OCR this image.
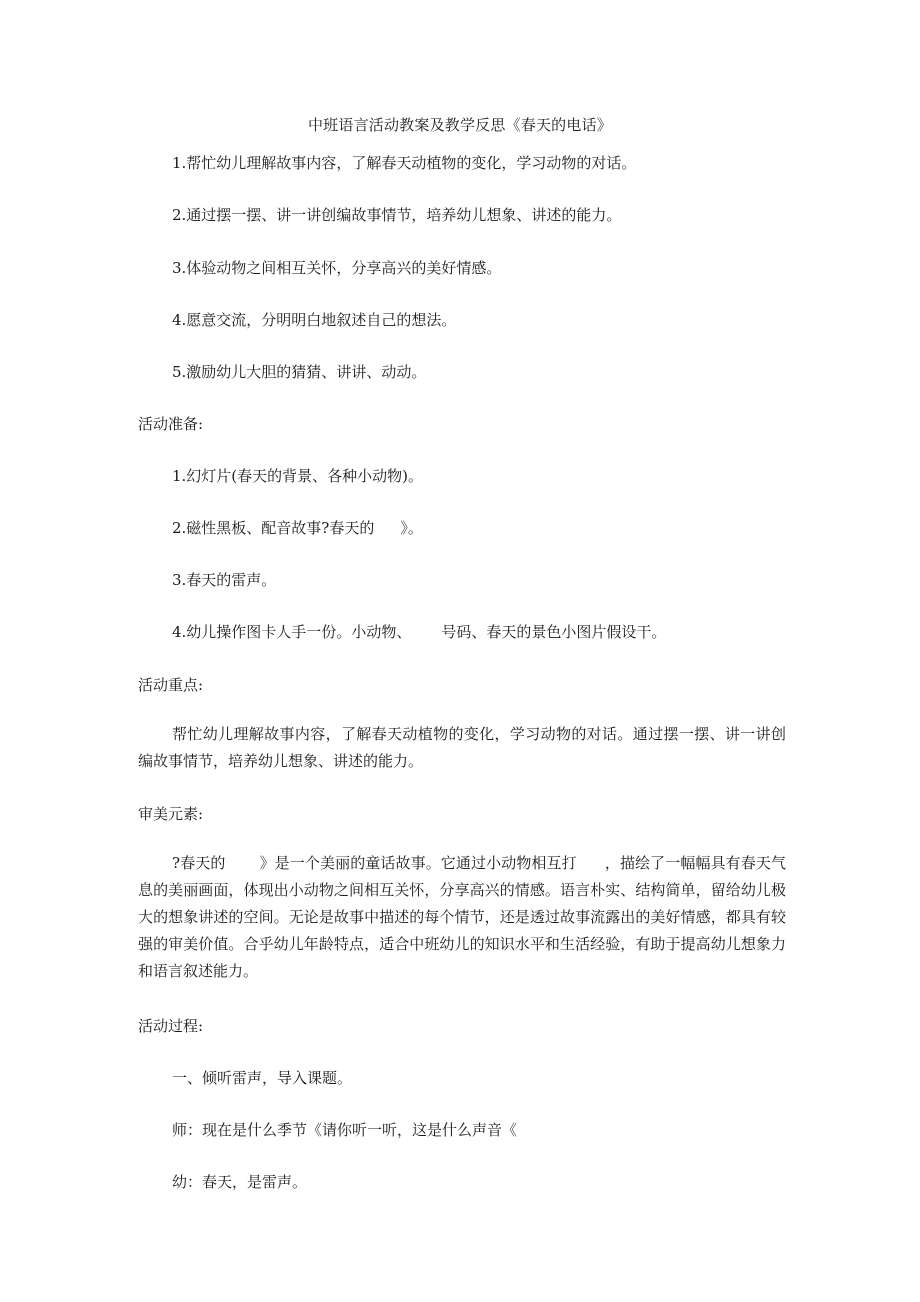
中班语言活动教案及教学反思《春天的电话》
1.帮忙幼儿理解故事内容，了解春天动植物的变化，学习动物的对话。
2.通过摆一摆、讲一讲创编故事情节，培养幼儿想象、讲述的能力。
3.体验动物之间相互关怀，分享高兴的美好情感。
4.愿意交流，分明明白地叙述自己的想法。
5.激励幼儿大胆的猜猜、讲讲、动动。
活动准备:
1.幻灯片(春天的背景、各种小动物)。
2.磁性黑板、配音故事?春天的 》。
3.春天的雷声。
4.幼儿操作图卡人手一份。小动物、 号码、春天的景色小图片假设干。
活动重点:
帮忙幼儿理解故事内容，了解春天动植物的变化，学习动物的对话。通过摆一摆、讲一讲创编故事情节，培养幼儿想象、讲述的能力。
审美元素:
?春天的 》是一个美丽的童话故事。它通过小动物相互打 ，描绘了一幅幅具有春天气息的美丽画面，体现出小动物之间相互关怀，分享高兴的情感。语言朴实、结构简单，留给幼儿极大的想象讲述的空间。无论是故事中描述的每个情节，还是透过故事流露出的美好情感，都具有较强的审美价值。合乎幼儿年龄特点，适合中班幼儿的知识水平和生活经验，有助于提高幼儿想象力和语言叙述能力。
活动过程:
一、倾听雷声，导入课题。
师：现在是什么季节《请你听一听，这是什么声音《
幼：春天，是雷声。
